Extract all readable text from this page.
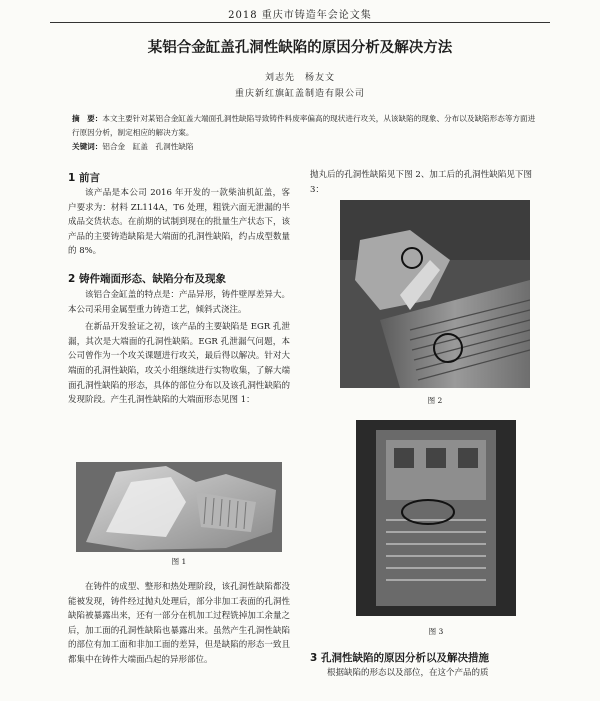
2018 重庆市铸造年会论文集
某铝合金缸盖孔洞性缺陷的原因分析及解决方法
刘志先　杨友文
重庆新红旗缸盖制造有限公司
摘　要：本文主要针对某铝合金缸盖大端面孔洞性缺陷导致铸件料废率偏高的现状进行攻关，从该缺陷的现象、分布以及缺陷形态等方面进行原因分析，制定相应的解决方案。
关键词：铝合金　缸盖　孔洞性缺陷
1 前言

该产品是本公司 2016 年开发的一款柴油机缸盖，客户要求为：材料 ZL114A，T6 处理，粗铣六面无泄漏的半成品交货状态。在前期的试制到现在的批量生产状态下，该产品的主要铸造缺陷是大端面的孔洞性缺陷，约占成型数量的 8%。

2 铸件端面形态、缺陷分布及现象

该铝合金缸盖的特点是：产品异形，铸件壁厚差异大。本公司采用金属型重力铸造工艺，倾斜式浇注。

在新品开发验证之初，该产品的主要缺陷是 EGR 孔泄漏，其次是大端面的孔洞性缺陷。EGR 孔泄漏气问题，本公司曾作为一个攻关课题进行攻关，最后得以解决。针对大端面的孔洞性缺陷，攻关小组继续进行实物收集，了解大端面孔洞性缺陷的形态，具体的部位分布以及该孔洞性缺陷的发现阶段。产生孔洞性缺陷的大端面形态见图 1：

图 1

在铸件的成型、整形和热处理阶段，该孔洞性缺陷都没能被发现，铸件经过抛丸处理后，部分非加工表面的孔洞性缺陷被暴露出来，还有一部分在机加工过程铣掉加工余量之后，加工面的孔洞性缺陷也暴露出来。虽然产生孔洞性缺陷的部位有加工面和非加工面的差异，但是缺陷的形态一致且都集中在铸件大端面凸起的异形部位。

抛丸后的孔洞性缺陷见下图 2、加工后的孔洞性缺陷见下图 3：

图 2
图 3
3 孔洞性缺陷的原因分析以及解决措施

根据缺陷的形态以及部位，在这个产品的质
